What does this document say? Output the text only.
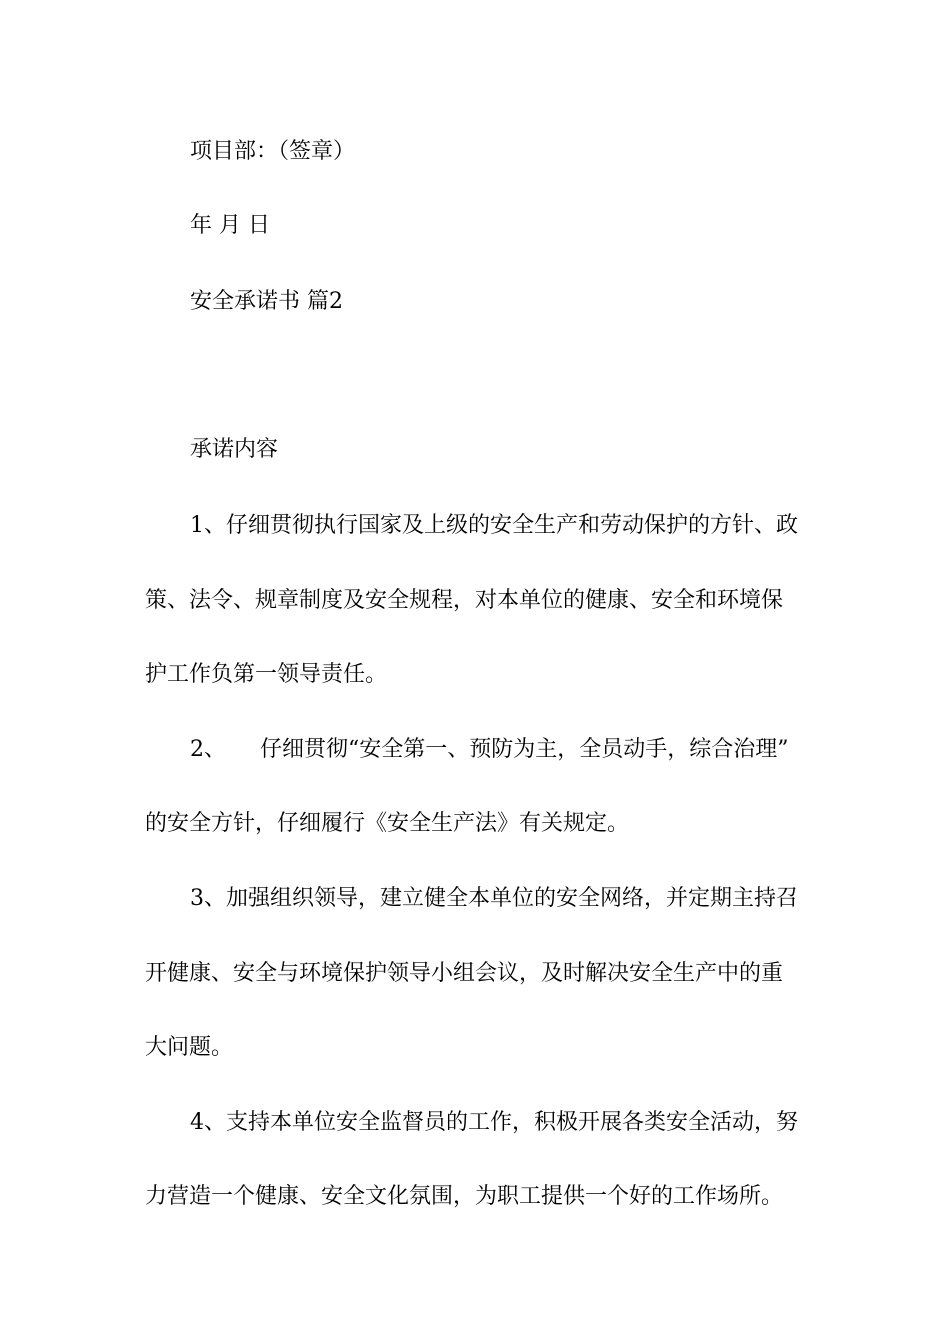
项目部：（签章）
年 月 日
安全承诺书 篇2
承诺内容
1、仔细贯彻执行国家及上级的安全生产和劳动保护的方针、政
策、法令、规章制度及安全规程，对本单位的健康、安全和环境保
护工作负第一领导责任。
2、 仔细贯彻“安全第一、预防为主，全员动手，综合治理”
的安全方针，仔细履行《安全生产法》有关规定。
3、加强组织领导，建立健全本单位的安全网络，并定期主持召
开健康、安全与环境保护领导小组会议，及时解决安全生产中的重
大问题。
4、支持本单位安全监督员的工作，积极开展各类安全活动，努
力营造一个健康、安全文化氛围，为职工提供一个好的工作场所。
